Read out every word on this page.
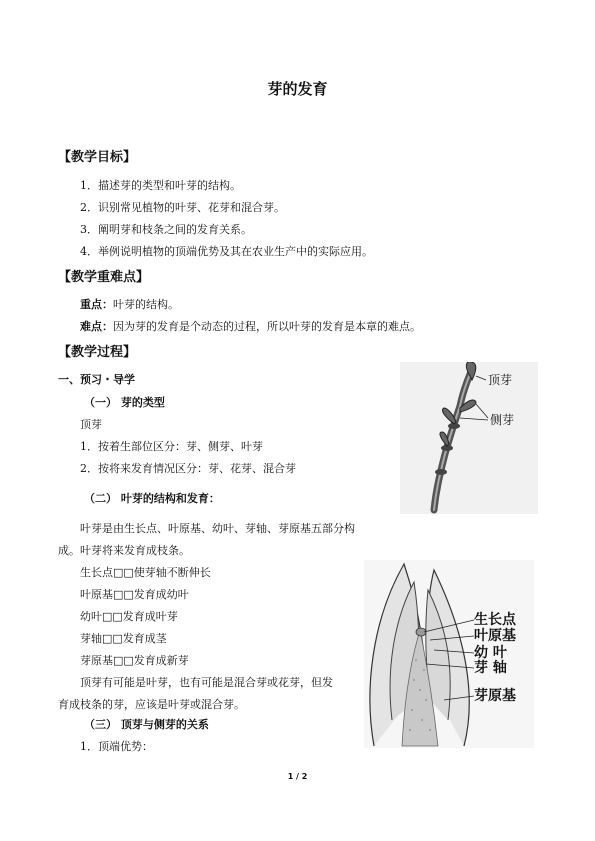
芽的发育
【教学目标】
1．描述芽的类型和叶芽的结构。
2．识别常见植物的叶芽、花芽和混合芽。
3．阐明芽和枝条之间的发育关系。
4．举例说明植物的顶端优势及其在农业生产中的实际应用。
【教学重难点】
重点：叶芽的结构。
难点：因为芽的发育是个动态的过程，所以叶芽的发育是本章的难点。
【教学过程】
一、预习・导学
（一） 芽的类型
顶芽
1．按着生部位区分：芽、侧芽、叶芽
2．按将来发育情况区分：芽、花芽、混合芽
（二） 叶芽的结构和发育：
叶芽是由生长点、叶原基、幼叶、芽轴、芽原基五部分构
成。叶芽将来发育成枝条。
生长点□□使芽轴不断伸长
叶原基□□发育成幼叶
幼叶□□发育成叶芽
芽轴□□发育成茎
芽原基□□发育成新芽
顶芽有可能是叶芽，也有可能是混合芽或花芽，但发
育成枝条的芽，应该是叶芽或混合芽。
（三） 顶芽与侧芽的关系
1．顶端优势：
顶芽
侧芽
生长点
叶原基
幼 叶
芽 轴
芽原基
1 / 2
